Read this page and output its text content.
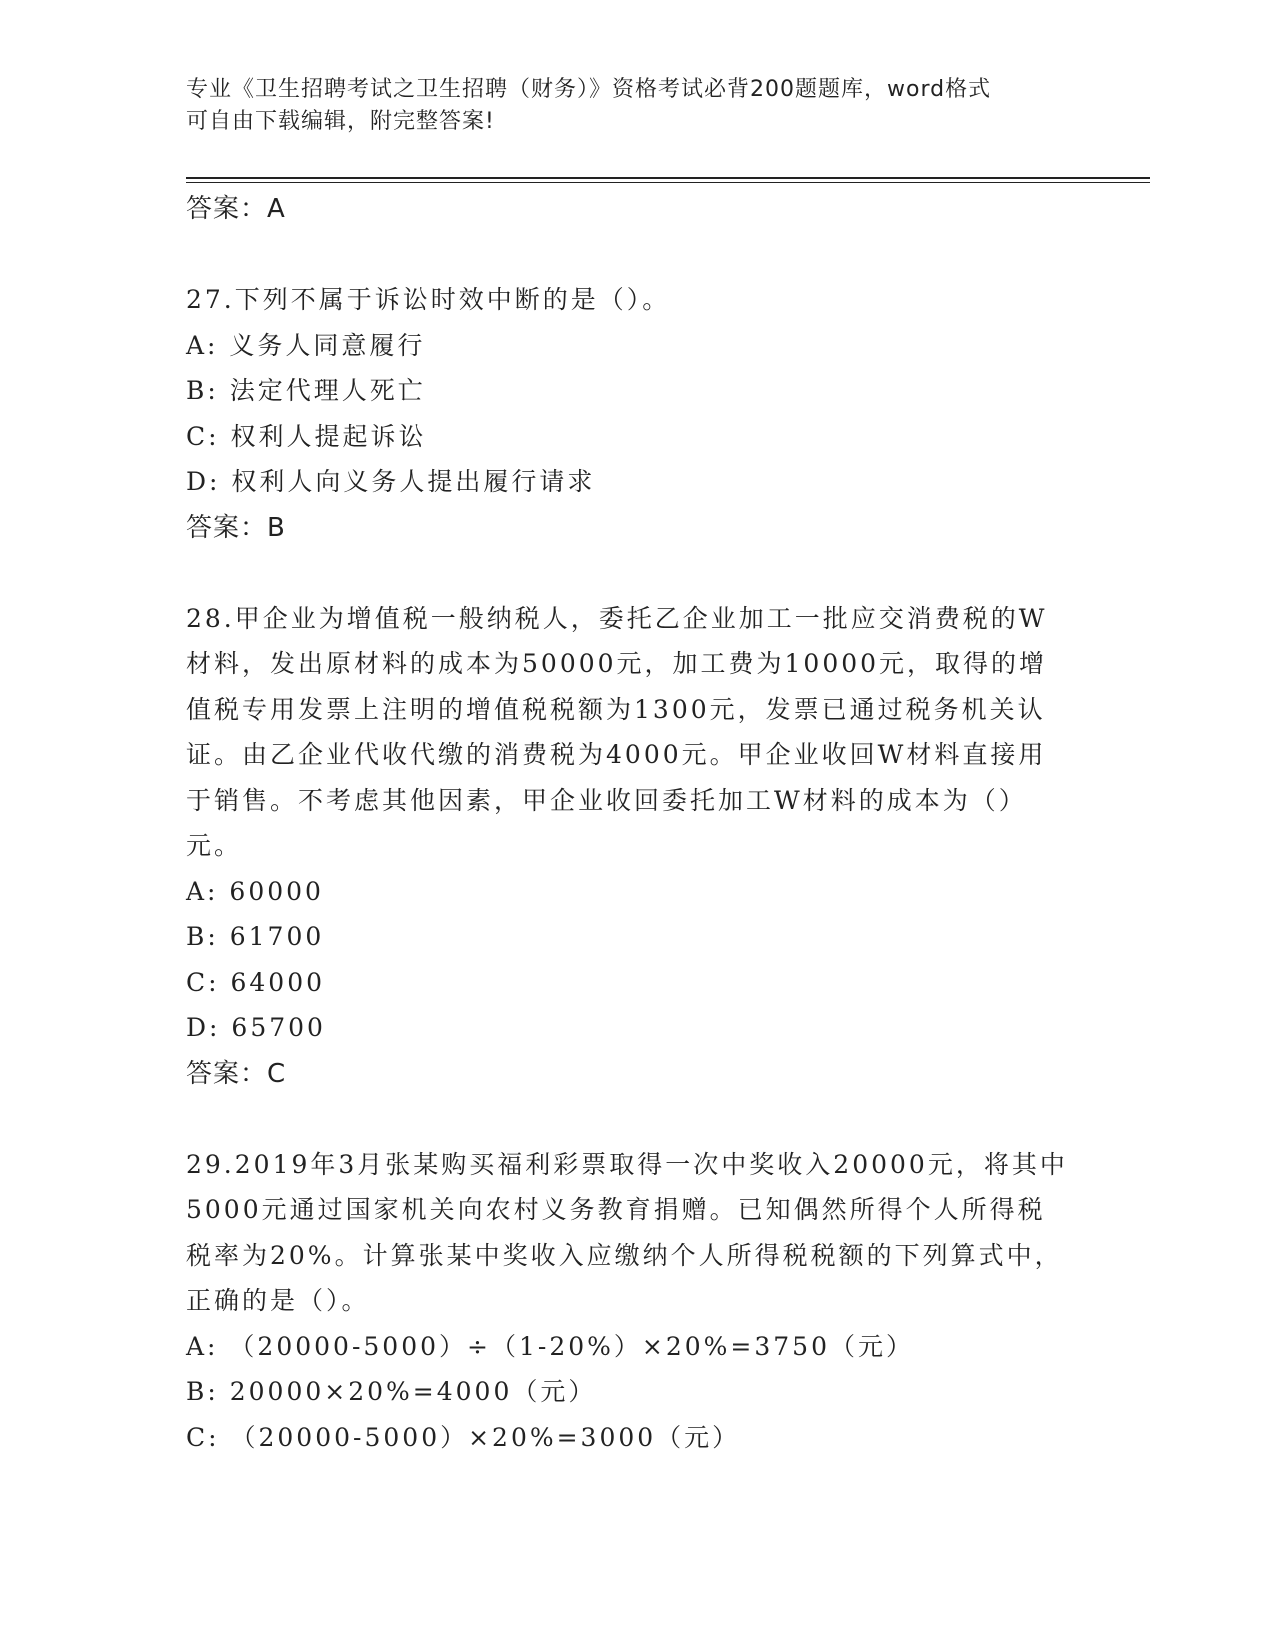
专业《卫生招聘考试之卫生招聘（财务）》资格考试必背200题题库，word格式
可自由下载编辑，附完整答案!
答案：A
27.下列不属于诉讼时效中断的是（）。
A: 义务人同意履行
B: 法定代理人死亡
C: 权利人提起诉讼
D: 权利人向义务人提出履行请求
答案：B
28.甲企业为增值税一般纳税人，委托乙企业加工一批应交消费税的W
材料，发出原材料的成本为50000元，加工费为10000元，取得的增
值税专用发票上注明的增值税税额为1300元，发票已通过税务机关认
证。由乙企业代收代缴的消费税为4000元。甲企业收回W材料直接用
于销售。不考虑其他因素，甲企业收回委托加工W材料的成本为（）
元。
A: 60000
B: 61700
C: 64000
D: 65700
答案：C
29.2019年3月张某购买福利彩票取得一次中奖收入20000元，将其中
5000元通过国家机关向农村义务教育捐赠。已知偶然所得个人所得税
税率为20%。计算张某中奖收入应缴纳个人所得税税额的下列算式中，
正确的是（）。
A: （20000-5000）÷（1-20%）×20%=3750（元）
B: 20000×20%=4000（元）
C: （20000-5000）×20%=3000（元）
